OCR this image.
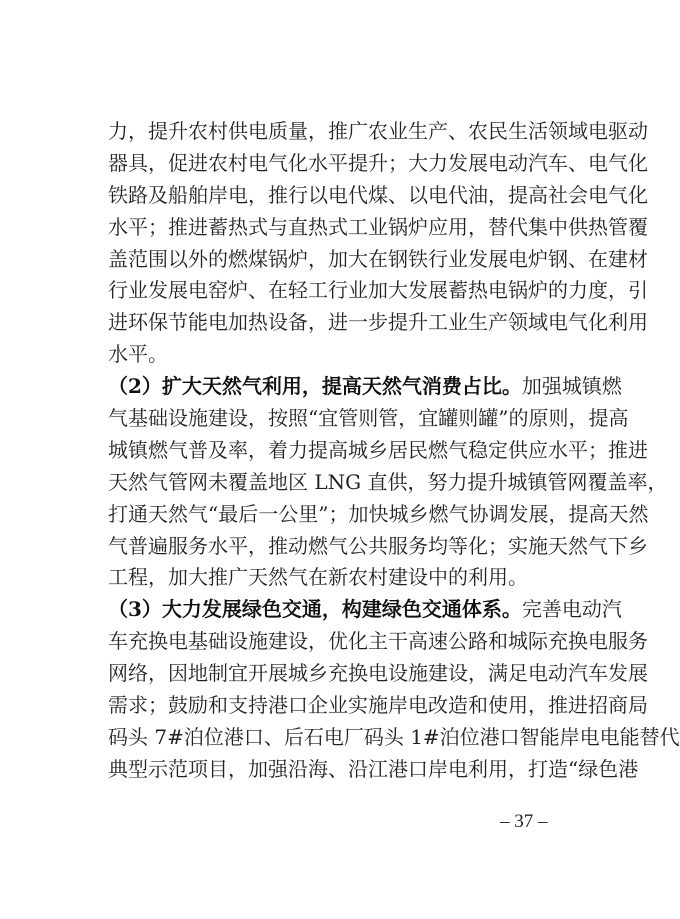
力，提升农村供电质量，推广农业生产、农民生活领域电驱动
器具，促进农村电气化水平提升；大力发展电动汽车、电气化
铁路及船舶岸电，推行以电代煤、以电代油，提高社会电气化
水平；推进蓄热式与直热式工业锅炉应用，替代集中供热管覆
盖范围以外的燃煤锅炉，加大在钢铁行业发展电炉钢、在建材
行业发展电窑炉、在轻工行业加大发展蓄热电锅炉的力度，引
进环保节能电加热设备，进一步提升工业生产领域电气化利用
水平。
（2）扩大天然气利用，提高天然气消费占比。加强城镇燃
气基础设施建设，按照“宜管则管，宜罐则罐”的原则，提高
城镇燃气普及率，着力提高城乡居民燃气稳定供应水平；推进
天然气管网未覆盖地区 LNG 直供，努力提升城镇管网覆盖率，
打通天然气“最后一公里”；加快城乡燃气协调发展，提高天然
气普遍服务水平，推动燃气公共服务均等化；实施天然气下乡
工程，加大推广天然气在新农村建设中的利用。
（3）大力发展绿色交通，构建绿色交通体系。完善电动汽
车充换电基础设施建设，优化主干高速公路和城际充换电服务
网络，因地制宜开展城乡充换电设施建设，满足电动汽车发展
需求；鼓励和支持港口企业实施岸电改造和使用，推进招商局
码头 7#泊位港口、后石电厂码头 1#泊位港口智能岸电电能替代
典型示范项目，加强沿海、沿江港口岸电利用，打造“绿色港
– 37 –
